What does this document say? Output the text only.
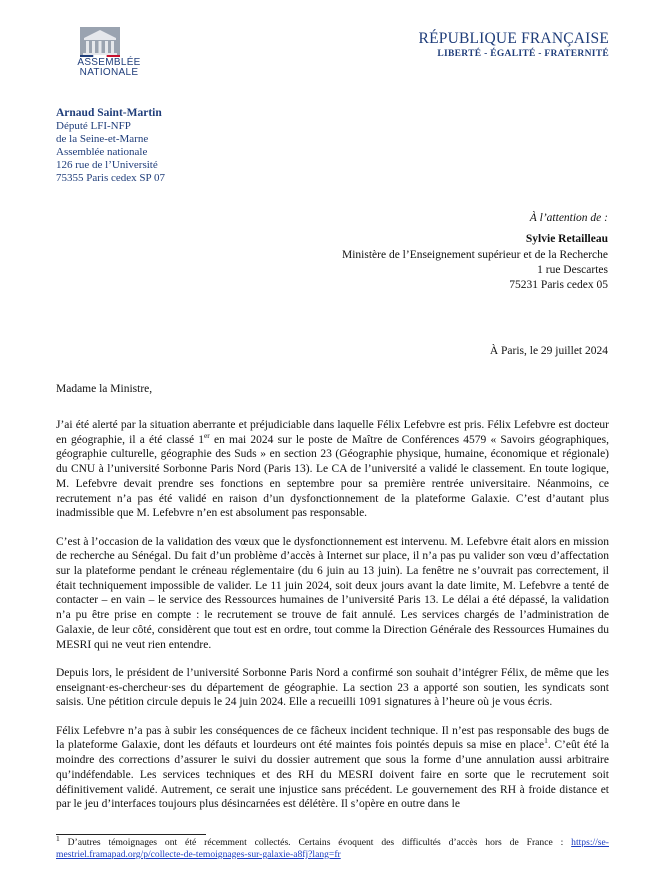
ASSEMBLÉE
NATIONALE
RÉPUBLIQUE FRANÇAISE
LIBERTÉ - ÉGALITÉ - FRATERNITÉ
Arnaud Saint-Martin
Député LFI-NFP
de la Seine-et-Marne
Assemblée nationale
126 rue de l’Université
75355 Paris cedex SP 07
À l’attention de :
Sylvie Retailleau
Ministère de l’Enseignement supérieur et de la Recherche
1 rue Descartes
75231 Paris cedex 05
À Paris, le 29 juillet 2024
Madame la Ministre,

J’ai été alerté par la situation aberrante et préjudiciable dans laquelle Félix Lefebvre est pris. Félix Lefebvre est docteur en géographie, il a été classé 1er en mai 2024 sur le poste de Maître de Conférences 4579 « Savoirs géographiques, géographie culturelle, géographie des Suds » en section 23 (Géographie physique, humaine, économique et régionale) du CNU à l’université Sorbonne Paris Nord (Paris 13). Le CA de l’université a validé le classement. En toute logique, M. Lefebvre devait prendre ses fonctions en septembre pour sa première rentrée universitaire. Néanmoins, ce recrutement n’a pas été validé en raison d’un dysfonctionnement de la plateforme Galaxie. C’est d’autant plus inadmissible que M. Lefebvre n’en est absolument pas responsable.

C’est à l’occasion de la validation des vœux que le dysfonctionnement est intervenu. M. Lefebvre était alors en mission de recherche au Sénégal. Du fait d’un problème d’accès à Internet sur place, il n’a pas pu valider son vœu d’affectation sur la plateforme pendant le créneau réglementaire (du 6 juin au 13 juin). La fenêtre ne s’ouvrait pas correctement, il était techniquement impossible de valider. Le 11 juin 2024, soit deux jours avant la date limite, M. Lefebvre a tenté de contacter – en vain – le service des Ressources humaines de l’université Paris 13. Le délai a été dépassé, la validation n’a pu être prise en compte : le recrutement se trouve de fait annulé. Les services chargés de l’administration de Galaxie, de leur côté, considèrent que tout est en ordre, tout comme la Direction Générale des Ressources Humaines du MESRI qui ne veut rien entendre.

Depuis lors, le président de l’université Sorbonne Paris Nord a confirmé son souhait d’intégrer Félix, de même que les enseignant·es-chercheur·ses du département de géographie. La section 23 a apporté son soutien, les syndicats sont saisis. Une pétition circule depuis le 24 juin 2024. Elle a recueilli 1091 signatures à l’heure où je vous écris.

Félix Lefebvre n’a pas à subir les conséquences de ce fâcheux incident technique. Il n’est pas responsable des bugs de la plateforme Galaxie, dont les défauts et lourdeurs ont été maintes fois pointés depuis sa mise en place$^1$. C’eût été la moindre des corrections d’assurer le suivi du dossier autrement que sous la forme d’une annulation aussi arbitraire qu’indéfendable. Les services techniques et des RH du MESRI doivent faire en sorte que le recrutement soit définitivement validé. Autrement, ce serait une injustice sans précédent. Le gouvernement des RH à froide distance et par le jeu d’interfaces toujours plus désincarnées est délétère. Il s’opère en outre dans le

$^1$ D’autres témoignages ont été récemment collectés. Certains évoquent des difficultés d’accès hors de France : https://se-mestriel.framapad.org/p/collecte-de-temoignages-sur-galaxie-a8fj?lang=fr
